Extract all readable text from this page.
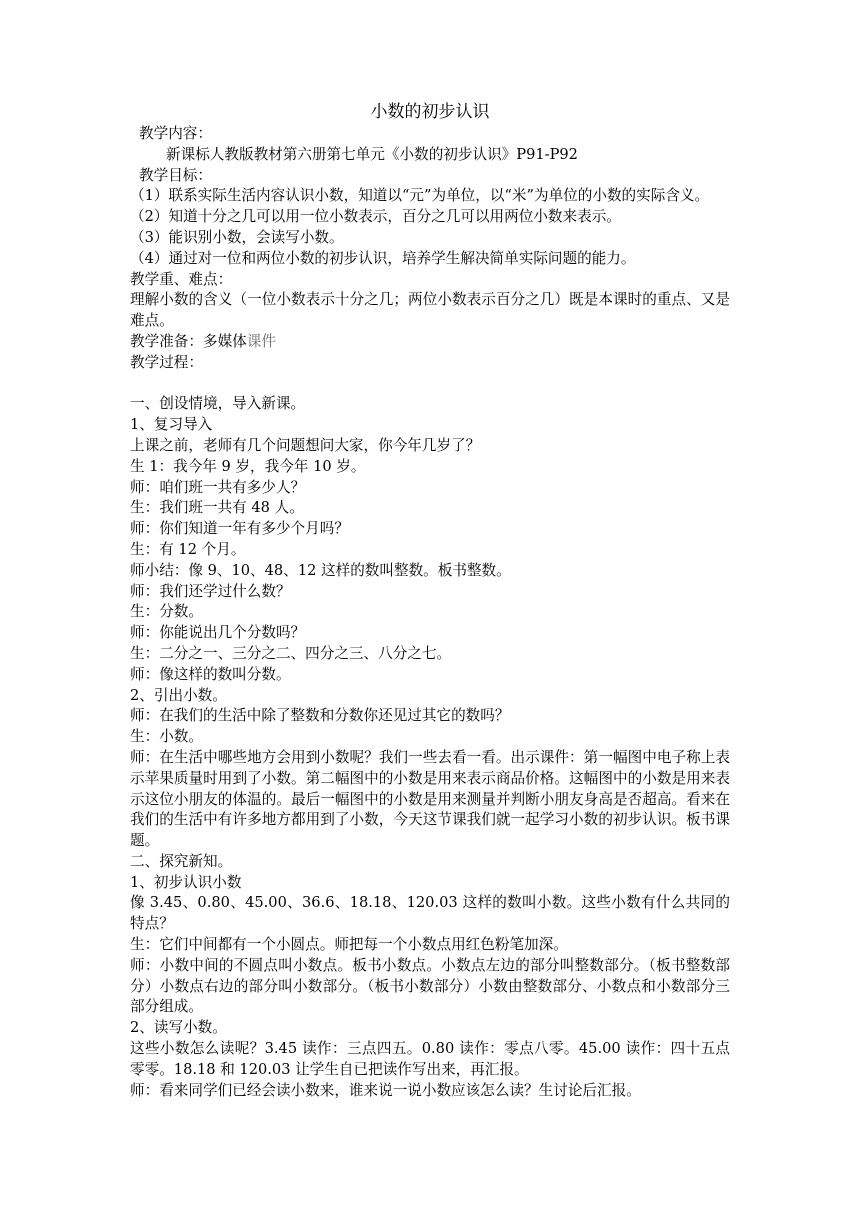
小数的初步认识

教学内容：

新课标人教版教材第六册第七单元《小数的初步认识》P91-P92

教学目标：

（1）联系实际生活内容认识小数，知道以“元”为单位，以“米”为单位的小数的实际含义。

（2）知道十分之几可以用一位小数表示，百分之几可以用两位小数来表示。

（3）能识别小数，会读写小数。

（4）通过对一位和两位小数的初步认识，培养学生解决简单实际问题的能力。

教学重、难点：

理解小数的含义（一位小数表示十分之几；两位小数表示百分之几）既是本课时的重点、又是难点。

教学准备：多媒体课件

教学过程：

一、创设情境，导入新课。

1、复习导入

上课之前，老师有几个问题想问大家，你今年几岁了？

生 1：我今年 9 岁，我今年 10 岁。

师：咱们班一共有多少人？

生：我们班一共有 48 人。

师：你们知道一年有多少个月吗？

生：有 12 个月。

师小结：像 9、10、48、12 这样的数叫整数。板书整数。

师：我们还学过什么数？

生：分数。

师：你能说出几个分数吗？

生：二分之一、三分之二、四分之三、八分之七。

师：像这样的数叫分数。

2、引出小数。

师：在我们的生活中除了整数和分数你还见过其它的数吗？

生：小数。

师：在生活中哪些地方会用到小数呢？我们一些去看一看。出示课件：第一幅图中电子称上表示苹果质量时用到了小数。第二幅图中的小数是用来表示商品价格。这幅图中的小数是用来表示这位小朋友的体温的。最后一幅图中的小数是用来测量并判断小朋友身高是否超高。看来在我们的生活中有许多地方都用到了小数，今天这节课我们就一起学习小数的初步认识。板书课题。

二、探究新知。

1、初步认识小数

像 3.45、0.80、45.00、36.6、18.18、120.03 这样的数叫小数。这些小数有什么共同的特点？

生：它们中间都有一个小圆点。师把每一个小数点用红色粉笔加深。

师：小数中间的不圆点叫小数点。板书小数点。小数点左边的部分叫整数部分。（板书整数部分）小数点右边的部分叫小数部分。（板书小数部分）小数由整数部分、小数点和小数部分三部分组成。

2、读写小数。

这些小数怎么读呢？3.45 读作：三点四五。0.80 读作：零点八零。45.00 读作：四十五点零零。18.18 和 120.03 让学生自已把读作写出来，再汇报。

师：看来同学们已经会读小数来，谁来说一说小数应该怎么读？生讨论后汇报。
